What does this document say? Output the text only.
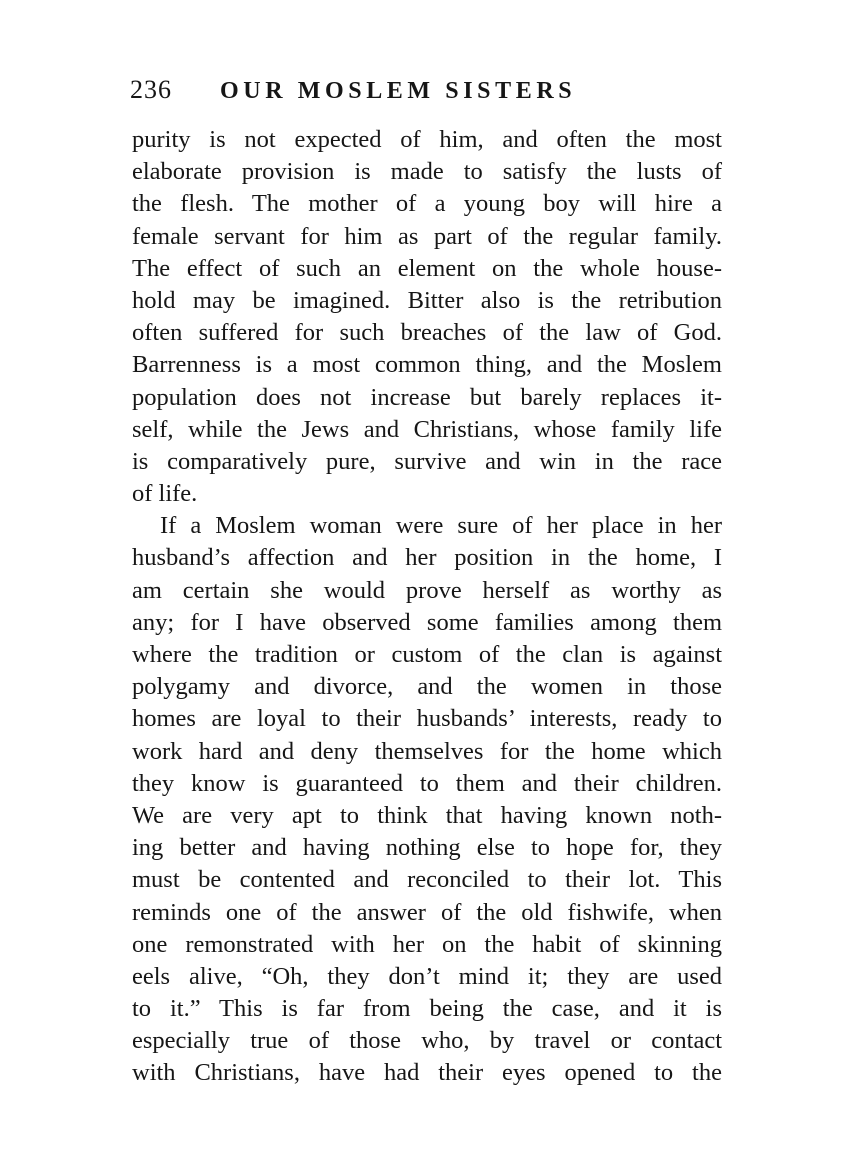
236 OUR MOSLEM SISTERS
purity is not expected of him, and often the most
elaborate provision is made to satisfy the lusts of
the flesh. The mother of a young boy will hire a
female servant for him as part of the regular family.
The effect of such an element on the whole house-
hold may be imagined. Bitter also is the retribution
often suffered for such breaches of the law of God.
Barrenness is a most common thing, and the Moslem
population does not increase but barely replaces it-
self, while the Jews and Christians, whose family life
is comparatively pure, survive and win in the race
of life.
If a Moslem woman were sure of her place in her
husband’s affection and her position in the home, I
am certain she would prove herself as worthy as
any; for I have observed some families among them
where the tradition or custom of the clan is against
polygamy and divorce, and the women in those
homes are loyal to their husbands’ interests, ready to
work hard and deny themselves for the home which
they know is guaranteed to them and their children.
We are very apt to think that having known noth-
ing better and having nothing else to hope for, they
must be contented and reconciled to their lot. This
reminds one of the answer of the old fishwife, when
one remonstrated with her on the habit of skinning
eels alive, “Oh, they don’t mind it; they are used
to it.” This is far from being the case, and it is
especially true of those who, by travel or contact
with Christians, have had their eyes opened to the
